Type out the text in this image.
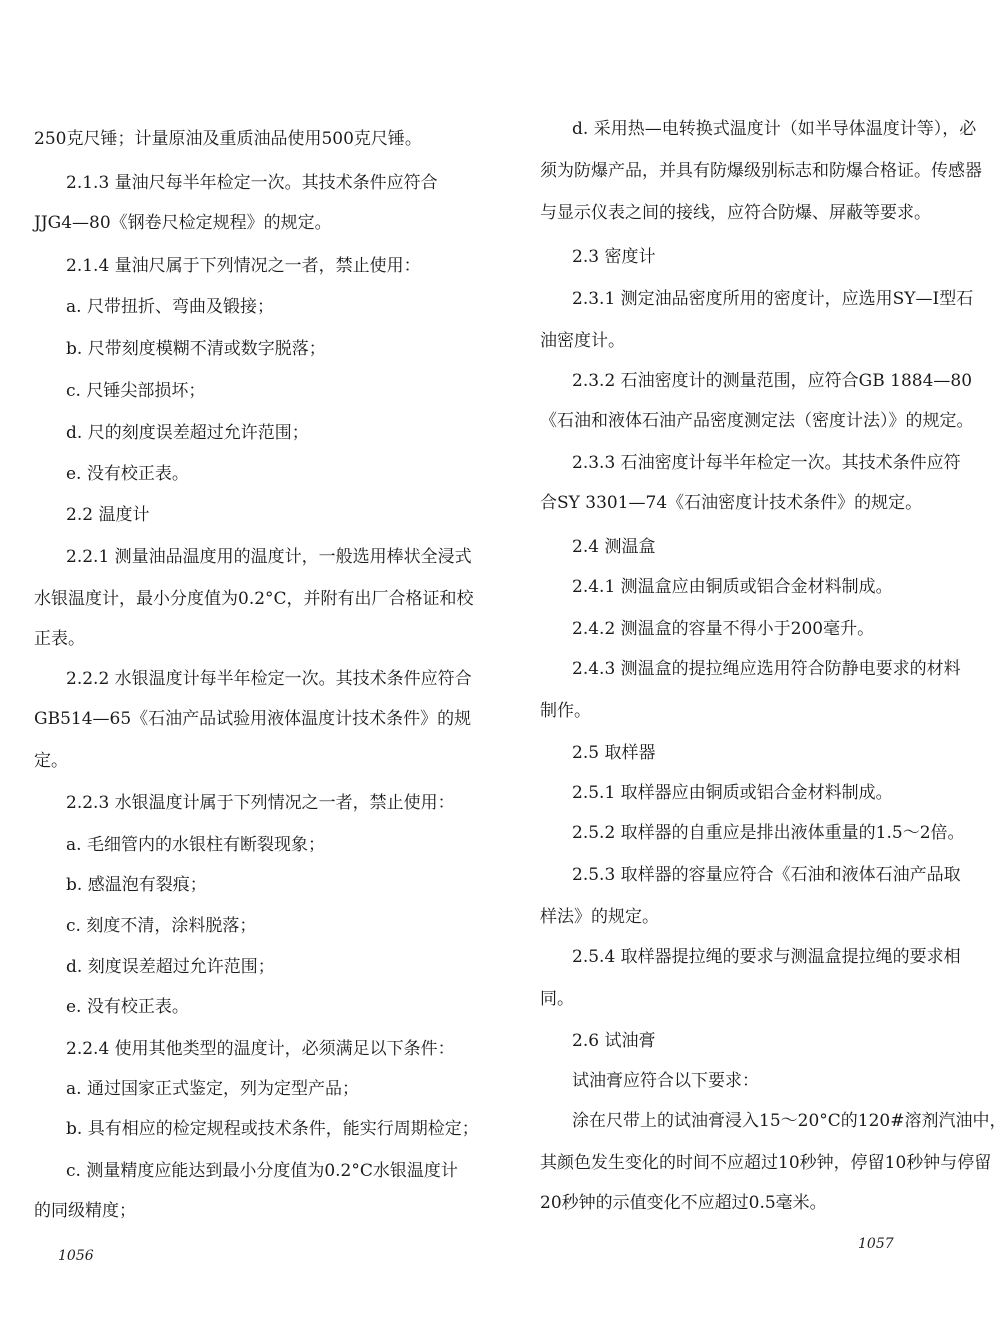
250克尺锤；计量原油及重质油品使用500克尺锤。
2.1.3 量油尺每半年检定一次。其技术条件应符合
JJG4—80《钢卷尺检定规程》的规定。
2.1.4 量油尺属于下列情况之一者，禁止使用：
a. 尺带扭折、弯曲及锻接；
b. 尺带刻度模糊不清或数字脱落；
c. 尺锤尖部损坏；
d. 尺的刻度误差超过允许范围；
e. 没有校正表。
2.2 温度计
2.2.1 测量油品温度用的温度计，一般选用棒状全浸式
水银温度计，最小分度值为0.2°C，并附有出厂合格证和校
正表。
2.2.2 水银温度计每半年检定一次。其技术条件应符合
GB514—65《石油产品试验用液体温度计技术条件》的规
定。
2.2.3 水银温度计属于下列情况之一者，禁止使用：
a. 毛细管内的水银柱有断裂现象；
b. 感温泡有裂痕；
c. 刻度不清，涂料脱落；
d. 刻度误差超过允许范围；
e. 没有校正表。
2.2.4 使用其他类型的温度计，必须满足以下条件：
a. 通过国家正式鉴定，列为定型产品；
b. 具有相应的检定规程或技术条件，能实行周期检定；
c. 测量精度应能达到最小分度值为0.2°C水银温度计
的同级精度；
d. 采用热—电转换式温度计（如半导体温度计等），必
须为防爆产品，并具有防爆级别标志和防爆合格证。传感器
与显示仪表之间的接线，应符合防爆、屏蔽等要求。
2.3 密度计
2.3.1 测定油品密度所用的密度计，应选用SY—I型石
油密度计。
2.3.2 石油密度计的测量范围，应符合GB 1884—80
《石油和液体石油产品密度测定法（密度计法）》的规定。
2.3.3 石油密度计每半年检定一次。其技术条件应符
合SY 3301—74《石油密度计技术条件》的规定。
2.4 测温盒
2.4.1 测温盒应由铜质或铝合金材料制成。
2.4.2 测温盒的容量不得小于200毫升。
2.4.3 测温盒的提拉绳应选用符合防静电要求的材料
制作。
2.5 取样器
2.5.1 取样器应由铜质或铝合金材料制成。
2.5.2 取样器的自重应是排出液体重量的1.5～2倍。
2.5.3 取样器的容量应符合《石油和液体石油产品取
样法》的规定。
2.5.4 取样器提拉绳的要求与测温盒提拉绳的要求相
同。
2.6 试油膏
试油膏应符合以下要求：
涂在尺带上的试油膏浸入15～20°C的120#溶剂汽油中，
其颜色发生变化的时间不应超过10秒钟，停留10秒钟与停留
20秒钟的示值变化不应超过0.5毫米。
1056
1057
